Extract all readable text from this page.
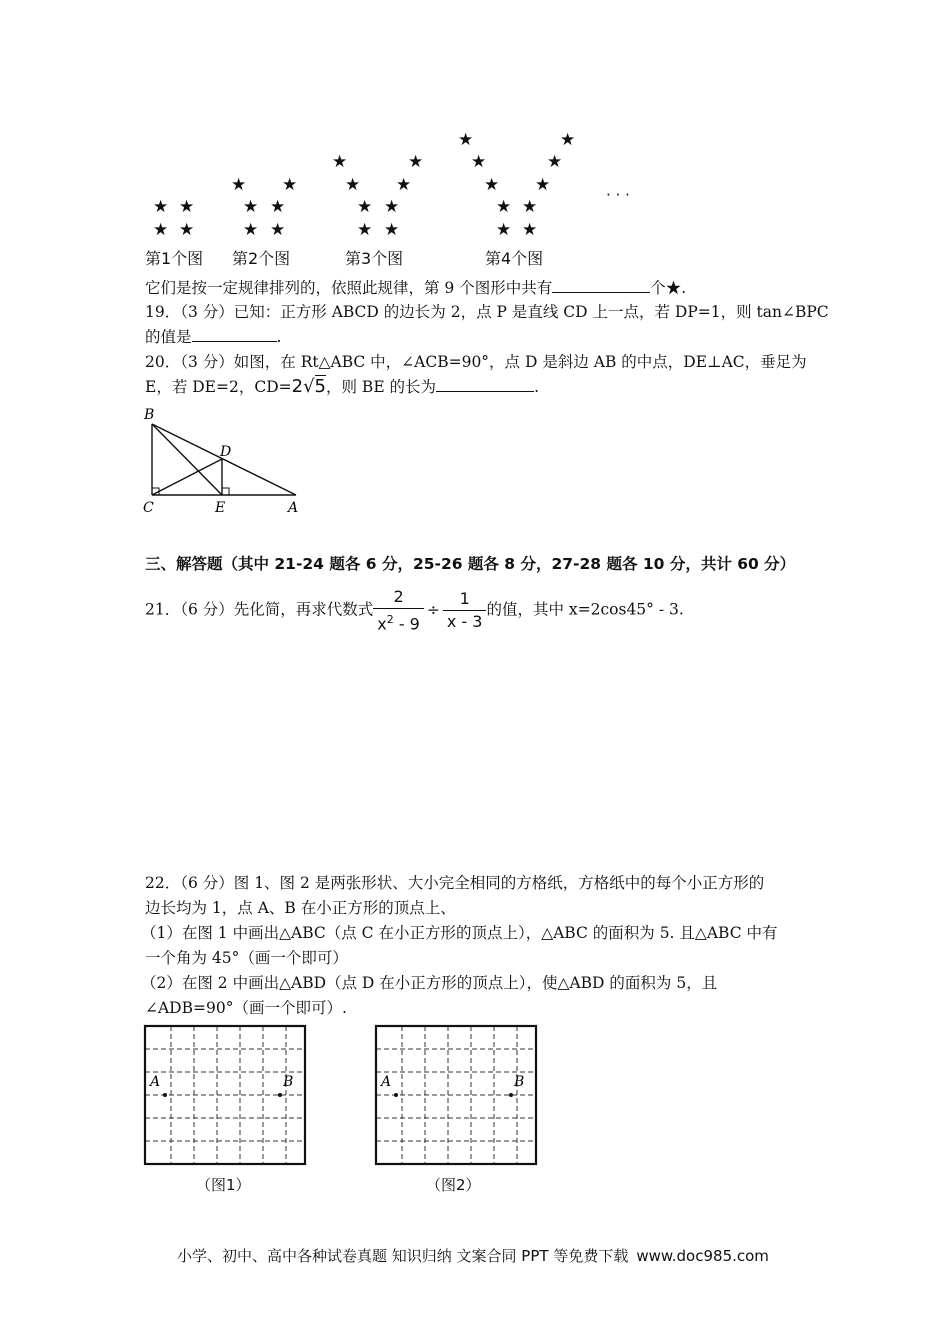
★ ★
★ ★
★ ★
★ ★
★ ★
★	★
★ ★
★ ★
★ ★
★	★
★	★
★ ★
★ ★
★ ★
· · ·
第1个图 第2个图	第3个图	第4个图
它们是按一定规律排列的，依照此规律，第 9 个图形中共有	个★.
19．（3 分）已知：正方形 ABCD 的边长为 2，点 P 是直线 CD 上一点，若 DP=1，则 tan∠BPC
的值是	.
20．（3 分）如图，在 Rt△ABC 中，∠ACB=90°，点 D 是斜边 AB 的中点，DE⊥AC，垂足为
E，若 DE=2，CD=2√5，则 BE 的长为	.
B
D
C	E	A
三、解答题（其中 21-24 题各 6 分，25-26 题各 8 分，27-28 题各 10 分，共计 60 分）
21．（6 分）先化简，再求代数式 $\frac{2}{x^2 - 9} \div \frac{1}{x - 3}$ 的值，其中 x=2cos45° - 3.
22．（6 分）图 1、图 2 是两张形状、大小完全相同的方格纸，方格纸中的每个小正方形的
边长均为 1，点 A、B 在小正方形的顶点上、
（1）在图 1 中画出△ABC（点 C 在小正方形的顶点上），△ABC 的面积为 5. 且△ABC 中有
一个角为 45°（画一个即可）
（2）在图 2 中画出△ABD（点 D 在小正方形的顶点上），使△ABD 的面积为 5，且
∠ADB=90°（画一个即可）.
A	B
（图1）
A	B
（图2）
小学、初中、高中各种试卷真题 知识归纳 文案合同 PPT 等免费下载 www.doc985.com
